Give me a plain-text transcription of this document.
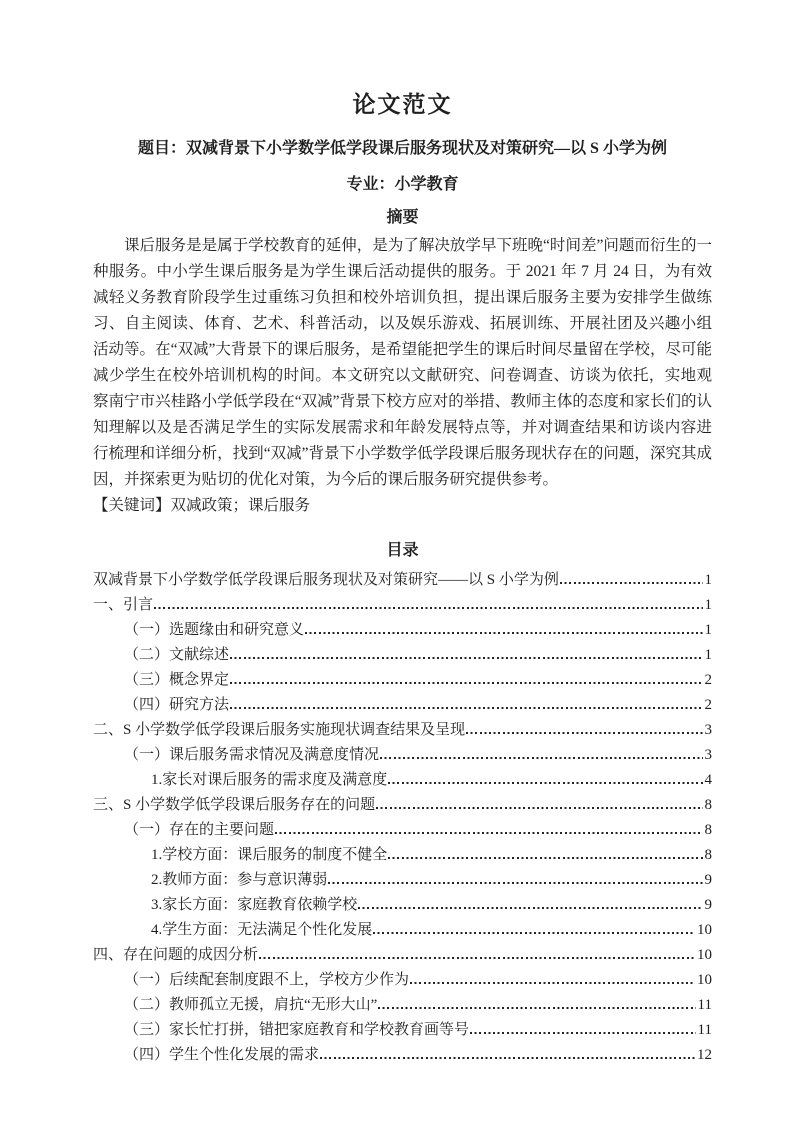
论文范文

题目：双减背景下小学数学低学段课后服务现状及对策研究—以 S 小学为例

专业：小学教育

摘要

课后服务是是属于学校教育的延伸，是为了解决放学早下班晚“时间差”问题而衍生的一种服务。中小学生课后服务是为学生课后活动提供的服务。于 2021 年 7 月 24 日，为有效减轻义务教育阶段学生过重练习负担和校外培训负担，提出课后服务主要为安排学生做练习、自主阅读、体育、艺术、科普活动，以及娱乐游戏、拓展训练、开展社团及兴趣小组活动等。在“双减”大背景下的课后服务，是希望能把学生的课后时间尽量留在学校，尽可能减少学生在校外培训机构的时间。本文研究以文献研究、问卷调查、访谈为依托，实地观察南宁市兴桂路小学低学段在“双减”背景下校方应对的举措、教师主体的态度和家长们的认知理解以及是否满足学生的实际发展需求和年龄发展特点等，并对调查结果和访谈内容进行梳理和详细分析，找到“双减”背景下小学数学低学段课后服务现状存在的问题，深究其成因，并探索更为贴切的优化对策，为今后的课后服务研究提供参考。

【关键词】双减政策；课后服务

目录
双减背景下小学数学低学段课后服务现状及对策研究——以 S 小学为例	1
一、引言	1
（一）选题缘由和研究意义	1
（二）文献综述	1
（三）概念界定	2
（四）研究方法	2
二、S 小学数学低学段课后服务实施现状调查结果及呈现	3
（一）课后服务需求情况及满意度情况	3
1.家长对课后服务的需求度及满意度	4
三、S 小学数学低学段课后服务存在的问题	8
（一）存在的主要问题	8
1.学校方面：课后服务的制度不健全	8
2.教师方面：参与意识薄弱	9
3.家长方面：家庭教育依赖学校	9
4.学生方面：无法满足个性化发展	10
四、存在问题的成因分析	10
（一）后续配套制度跟不上，学校方少作为	10
（二）教师孤立无援，肩抗“无形大山”	11
（三）家长忙打拼，错把家庭教育和学校教育画等号	11
（四）学生个性化发展的需求	12
